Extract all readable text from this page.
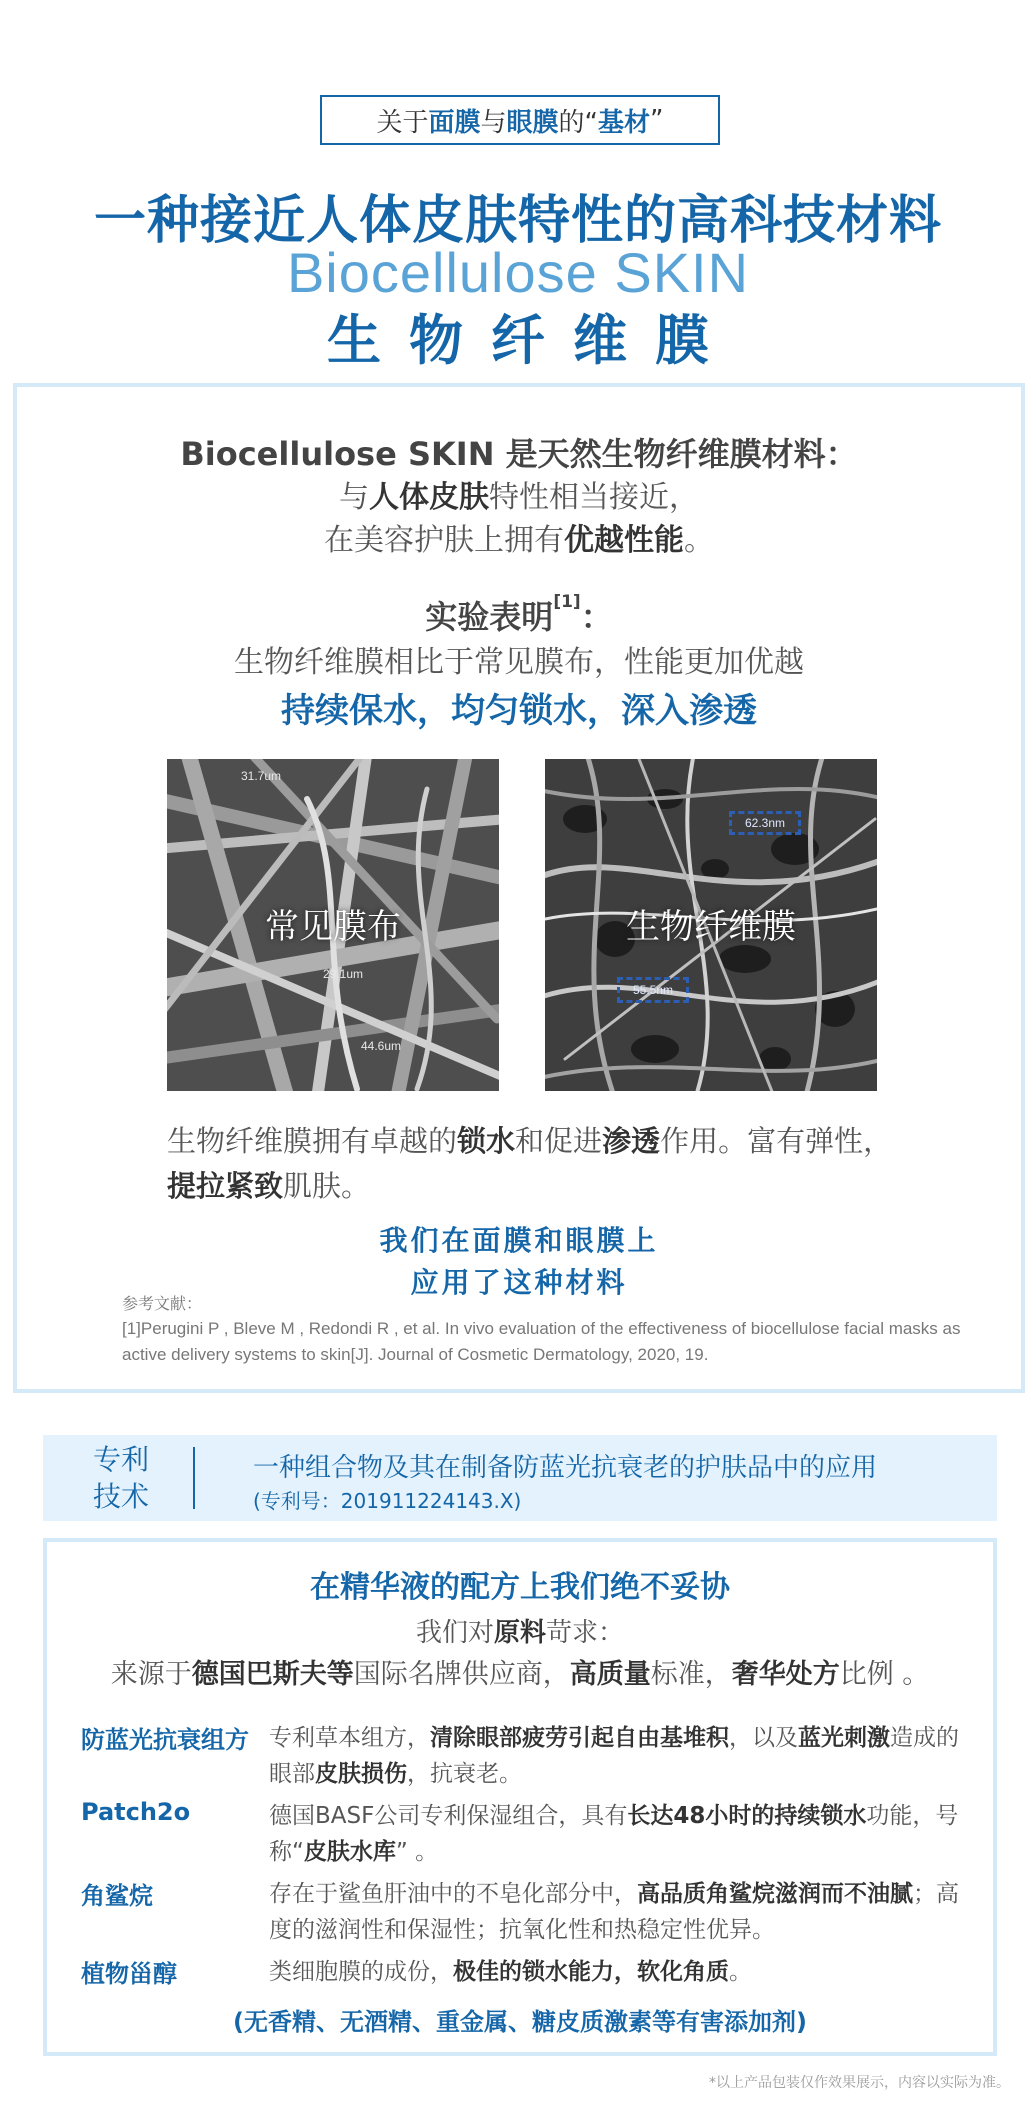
关于 面膜 与 眼膜 的“ 基材 ”
一种接近人体皮肤特性的高科技材料
Biocellulose SKIN
生物纤维膜
Biocellulose SKIN 是天然生物纤维膜材料：
与人体皮肤特性相当接近，
在美容护肤上拥有优越性能。
实验表明[1]：
生物纤维膜相比于常见膜布，性能更加优越
持续保水，均匀锁水，深入渗透
31.7um
29.1um
44.6um
常见膜布
62.3nm
55.5nm
生物纤维膜
生物纤维膜拥有卓越的锁水和促进渗透作用。富有弹性，提拉紧致肌肤。
我们在面膜和眼膜上
应用了这种材料
参考文献：
[1]Perugini P , Bleve M , Redondi R , et al. In vivo evaluation of the effectiveness of biocellulose facial masks as active delivery systems to skin[J]. Journal of Cosmetic Dermatology, 2020, 19.
专利
技术
一种组合物及其在制备防蓝光抗衰老的护肤品中的应用
(专利号：201911224143.X)
在精华液的配方上我们绝不妥协
我们对原料苛求：
来源于德国巴斯夫等国际名牌供应商，高质量标准，奢华处方比例 。
防蓝光抗衰组方 专利草本组方，清除眼部疲劳引起自由基堆积，以及蓝光刺激造成的眼部皮肤损伤，抗衰老。
Patch2o	德国BASF公司专利保湿组合，具有长达48小时的持续锁水功能，号称“皮肤水库” 。
角鲨烷	存在于鲨鱼肝油中的不皂化部分中，高品质角鲨烷滋润而不油腻；高度的滋润性和保湿性；抗氧化性和热稳定性优异。
植物甾醇	类细胞膜的成份，极佳的锁水能力，软化角质。
(无香精、无酒精、重金属、糖皮质激素等有害添加剂)
*以上产品包装仅作效果展示，内容以实际为准。
